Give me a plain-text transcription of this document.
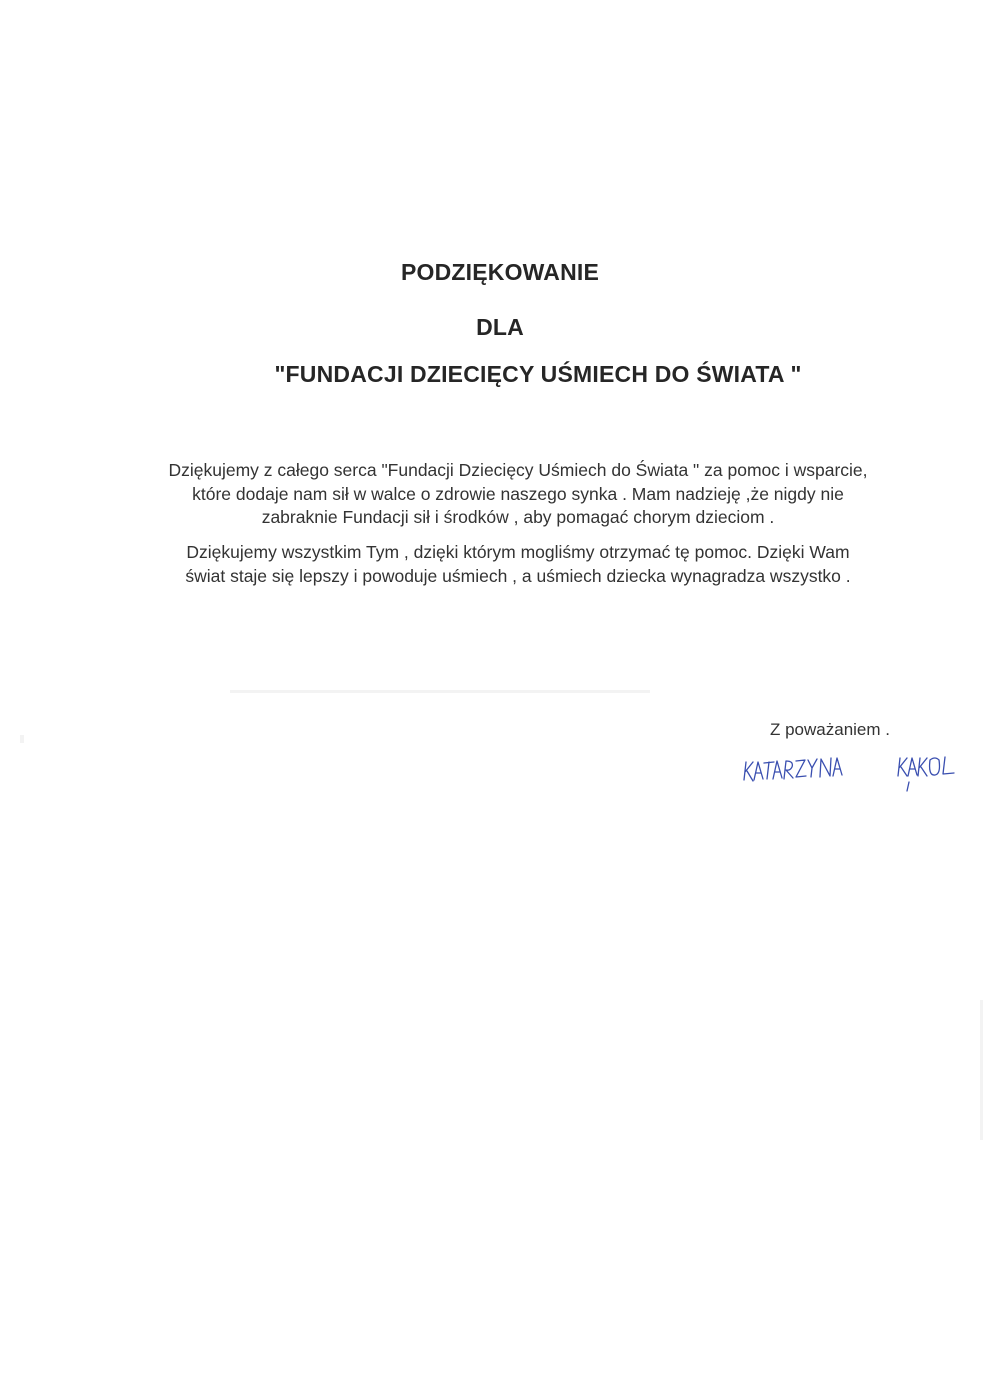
PODZIĘKOWANIE
DLA
"FUNDACJI DZIECIĘCY UŚMIECH DO ŚWIATA "
Dziękujemy z całego serca "Fundacji Dziecięcy Uśmiech do Świata " za pomoc i wsparcie,
które dodaje nam sił w walce o zdrowie naszego synka . Mam nadzieję ,że nigdy nie
zabraknie Fundacji sił i środków , aby pomagać chorym dzieciom .
Dziękujemy wszystkim Tym , dzięki którym mogliśmy otrzymać tę pomoc. Dzięki Wam
świat staje się lepszy i powoduje uśmiech , a uśmiech dziecka wynagradza wszystko .
Z poważaniem .
